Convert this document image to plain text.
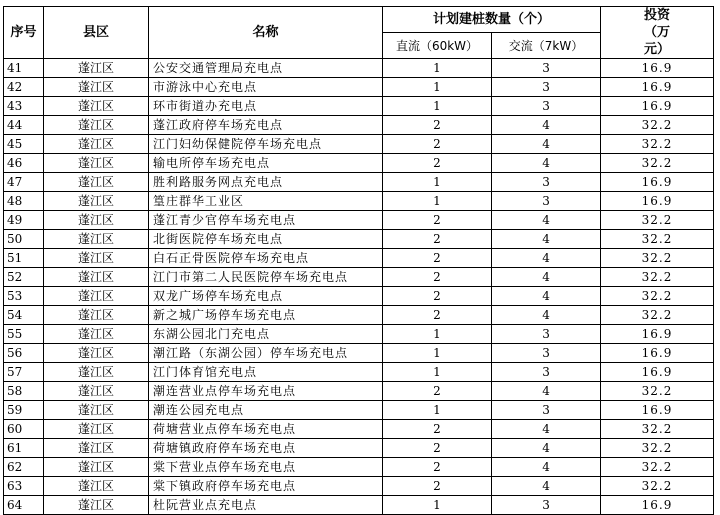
序号	县区	名称	计划建桩数量（个）		投资（万元）
			直流（60kW）	交流（7kW）	
41	蓬江区	公安交通管理局充电点	1	3	16.9
42	蓬江区	市游泳中心充电点	1	3	16.9
43	蓬江区	环市街道办充电点	1	3	16.9
44	蓬江区	蓬江政府停车场充电点	2	4	32.2
45	蓬江区	江门妇幼保健院停车场充电点	2	4	32.2
46	蓬江区	输电所停车场充电点	2	4	32.2
47	蓬江区	胜利路服务网点充电点	1	3	16.9
48	蓬江区	篁庄群华工业区	1	3	16.9
49	蓬江区	蓬江青少官停车场充电点	2	4	32.2
50	蓬江区	北街医院停车场充电点	2	4	32.2
51	蓬江区	白石正骨医院停车场充电点	2	4	32.2
52	蓬江区	江门市第二人民医院停车场充电点	2	4	32.2
53	蓬江区	双龙广场停车场充电点	2	4	32.2
54	蓬江区	新之城广场停车场充电点	2	4	32.2
55	蓬江区	东湖公园北门充电点	1	3	16.9
56	蓬江区	潮江路（东湖公园）停车场充电点	1	3	16.9
57	蓬江区	江门体育馆充电点	1	3	16.9
58	蓬江区	潮连营业点停车场充电点	2	4	32.2
59	蓬江区	潮连公园充电点	1	3	16.9
60	蓬江区	荷塘营业点停车场充电点	2	4	32.2
61	蓬江区	荷塘镇政府停车场充电点	2	4	32.2
62	蓬江区	棠下营业点停车场充电点	2	4	32.2
63	蓬江区	棠下镇政府停车场充电点	2	4	32.2
64	蓬江区	杜阮营业点充电点	1	3	16.9
